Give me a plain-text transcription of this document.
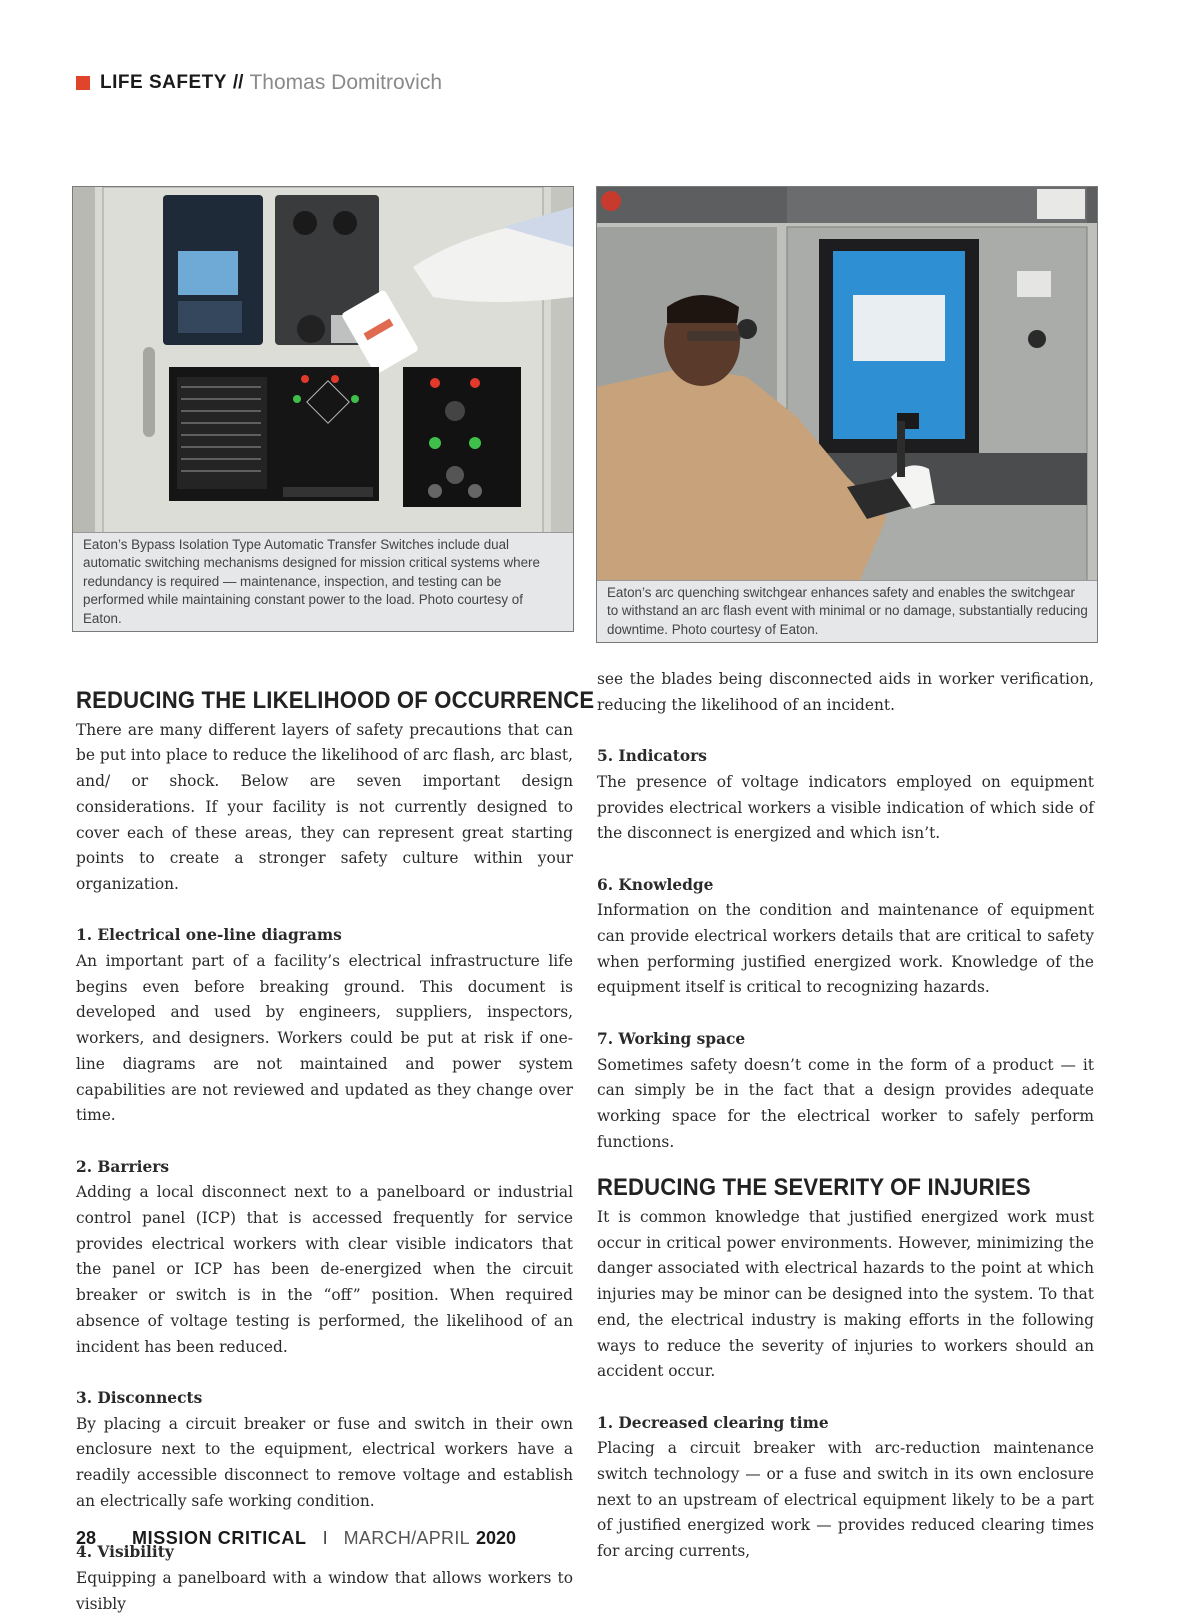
LIFE SAFETY // Thomas Domitrovich
Eaton’s Bypass Isolation Type Automatic Transfer Switches include dual automatic switching mechanisms designed for mission critical systems where redundancy is required — maintenance, inspection, and testing can be performed while maintaining constant power to the load. Photo courtesy of Eaton.
Eaton’s arc quenching switchgear enhances safety and enables the switchgear to withstand an arc flash event with minimal or no damage, substantially reducing downtime. Photo courtesy of Eaton.
REDUCING THE LIKELIHOOD OF OCCURRENCE

There are many different layers of safety precautions that can be put into place to reduce the likelihood of arc flash, arc blast, and/ or shock. Below are seven important design considerations. If your facility is not currently designed to cover each of these areas, they can represent great starting points to create a stronger safety culture within your organization.

1. Electrical one-line diagrams

An important part of a facility’s electrical infrastructure life begins even before breaking ground. This document is developed and used by engineers, suppliers, inspectors, workers, and designers. Workers could be put at risk if one-line diagrams are not maintained and power system capabilities are not reviewed and updated as they change over time.

2. Barriers

Adding a local disconnect next to a panelboard or industrial control panel (ICP) that is accessed frequently for service provides electrical workers with clear visible indicators that the panel or ICP has been de-energized when the circuit breaker or switch is in the “off” position. When required absence of voltage testing is performed, the likelihood of an incident has been reduced.

3. Disconnects

By placing a circuit breaker or fuse and switch in their own enclosure next to the equipment, electrical workers have a readily accessible disconnect to remove voltage and establish an electrically safe working condition.

4. Visibility

Equipping a panelboard with a window that allows workers to visibly

see the blades being disconnected aids in worker verification, reducing the likelihood of an incident.

5. Indicators

The presence of voltage indicators employed on equipment provides electrical workers a visible indication of which side of the disconnect is energized and which isn’t.

6. Knowledge

Information on the condition and maintenance of equipment can provide electrical workers details that are critical to safety when performing justified energized work. Knowledge of the equipment itself is critical to recognizing hazards.

7. Working space

Sometimes safety doesn’t come in the form of a product — it can simply be in the fact that a design provides adequate working space for the electrical worker to safely perform functions.

REDUCING THE SEVERITY OF INJURIES

It is common knowledge that justified energized work must occur in critical power environments. However, minimizing the danger associated with electrical hazards to the point at which injuries may be minor can be designed into the system. To that end, the electrical industry is making efforts in the following ways to reduce the severity of injuries to workers should an accident occur.

1. Decreased clearing time

Placing a circuit breaker with arc-reduction maintenance switch technology — or a fuse and switch in its own enclosure next to an upstream of electrical equipment likely to be a part of justified energized work — provides reduced clearing times for arcing currents,

28	MISSION CRITICAL I MARCH/APRIL 2020
